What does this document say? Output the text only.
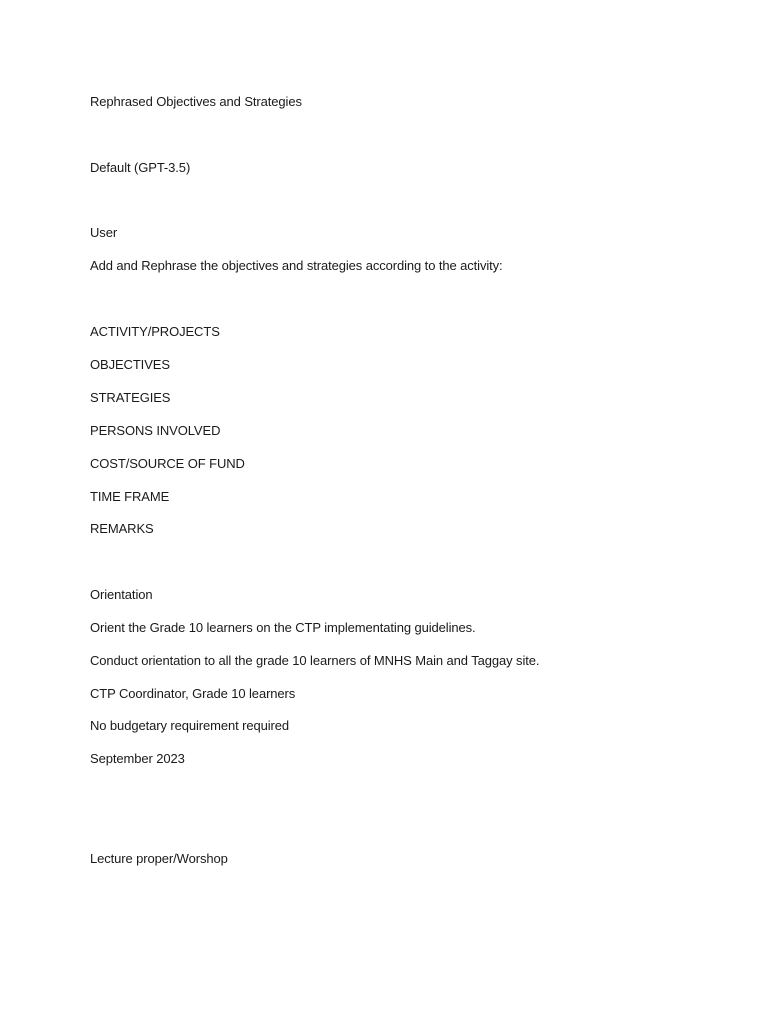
Rephrased Objectives and Strategies
Default (GPT-3.5)
User
Add and Rephrase the objectives and strategies according to the activity:
ACTIVITY/PROJECTS
OBJECTIVES
STRATEGIES
PERSONS INVOLVED
COST/SOURCE OF FUND
TIME FRAME
REMARKS
Orientation
Orient the Grade 10 learners on the CTP implementating guidelines.
Conduct orientation to all the grade 10 learners of MNHS Main and Taggay site.
CTP Coordinator, Grade 10 learners
No budgetary requirement required
September 2023
Lecture proper/Worshop
